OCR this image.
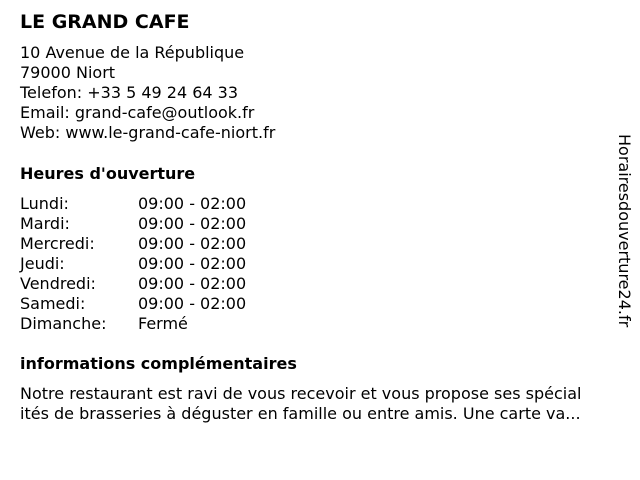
LE GRAND CAFE
10 Avenue de la République
79000 Niort
Telefon: +33 5 49 24 64 33
Email: grand-cafe@outlook.fr
Web: www.le-grand-cafe-niort.fr
Heures d'ouverture
Lundi:	09:00 - 02:00
Mardi:	09:00 - 02:00
Mercredi:	09:00 - 02:00
Jeudi:	09:00 - 02:00
Vendredi:	09:00 - 02:00
Samedi:	09:00 - 02:00
Dimanche:	Fermé
informations complémentaires
Notre restaurant est ravi de vous recevoir et vous propose ses spécial
ités de brasseries à déguster en famille ou entre amis. Une carte va...
Horairesdouverture24.fr
